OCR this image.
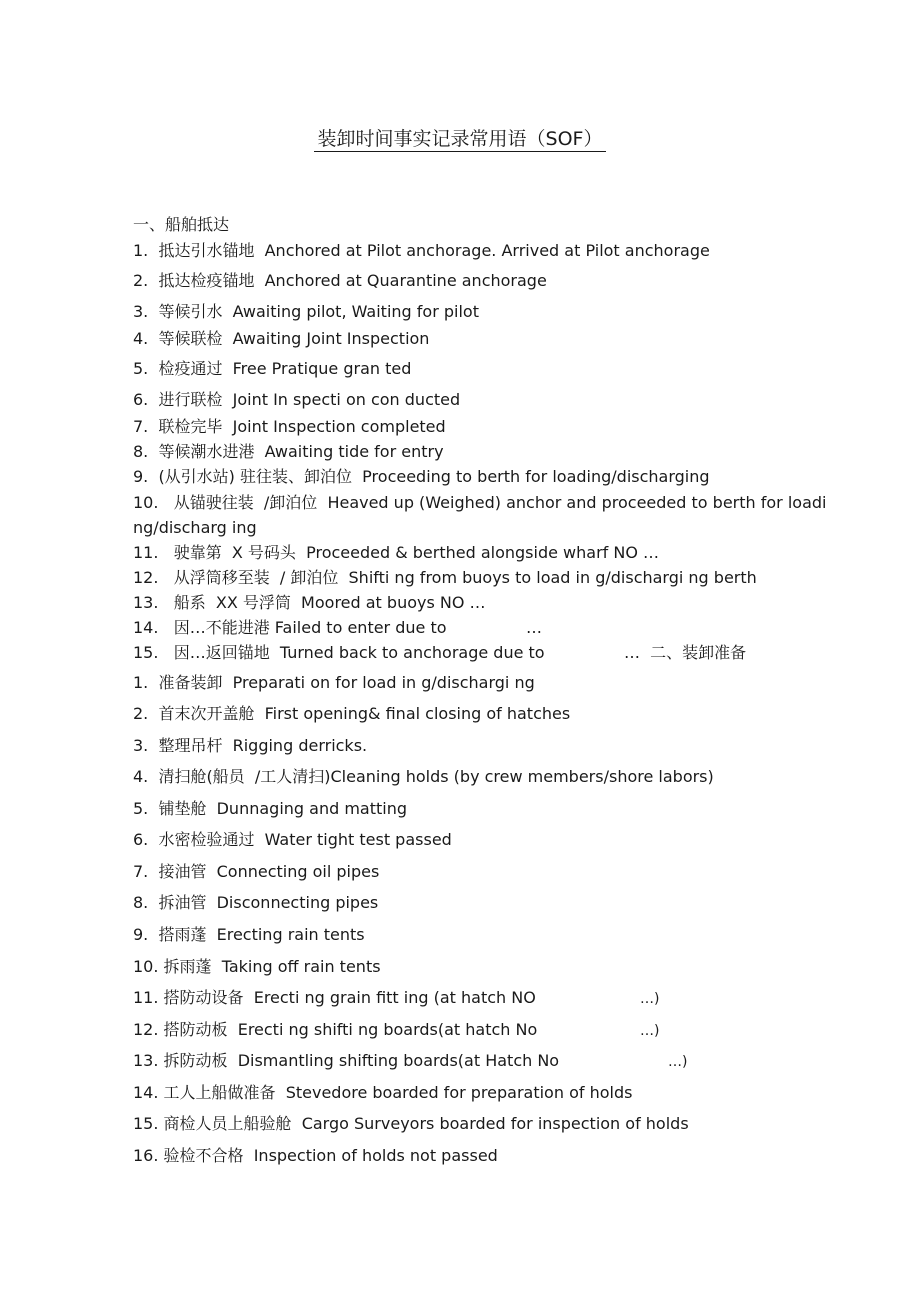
装卸时间事实记录常用语（SOF）
一、船舶抵达
1.  抵达引水锚地  Anchored at Pilot anchorage. Arrived at Pilot anchorage
2.  抵达检疫锚地  Anchored at Quarantine anchorage
3.  等候引水  Awaiting pilot, Waiting for pilot
4.  等候联检  Awaiting Joint Inspection
5.  检疫通过  Free Pratique gran ted
6.  进行联检  Joint In specti on con ducted
7.  联检完毕  Joint Inspection completed
8.  等候潮水进港  Awaiting tide for entry
9.  (从引水站) 驻往装、卸泊位  Proceeding to berth for loading/discharging
10.   从锚驶往装  /卸泊位  Heaved up (Weighed) anchor and proceeded to berth for loadi
ng/discharg ing
11.   驶靠第  X 号码头  Proceeded & berthed alongside wharf NO …
12.   从浮筒移至装  / 卸泊位  Shifti ng from buoys to load in g/dischargi ng berth
13.   船系  XX 号浮筒  Moored at buoys NO …
14.   因…不能进港 Failed to enter due to	…
15.   因…返回锚地  Turned back to anchorage due to	…  二、装卸准备
1.  准备装卸  Preparati on for load in g/dischargi ng
2.  首末次开盖舱  First opening& final closing of hatches
3.  整理吊杆  Rigging derricks.
4.  清扫舱(船员  /工人清扫)Cleaning holds (by crew members/shore labors)
5.  铺垫舱  Dunnaging and matting
6.  水密检验通过  Water tight test passed
7.  接油管  Connecting oil pipes
8.  拆油管  Disconnecting pipes
9.  搭雨蓬  Erecting rain tents
10. 拆雨蓬  Taking off rain tents
11. 搭防动设备  Erecti ng grain fitt ing (at hatch NO	…)
12. 搭防动板  Erecti ng shifti ng boards(at hatch No	…)
13. 拆防动板  Dismantling shifting boards(at Hatch No	…)
14. 工人上船做准备  Stevedore boarded for preparation of holds
15. 商检人员上船验舱  Cargo Surveyors boarded for inspection of holds
16. 验检不合格  Inspection of holds not passed
